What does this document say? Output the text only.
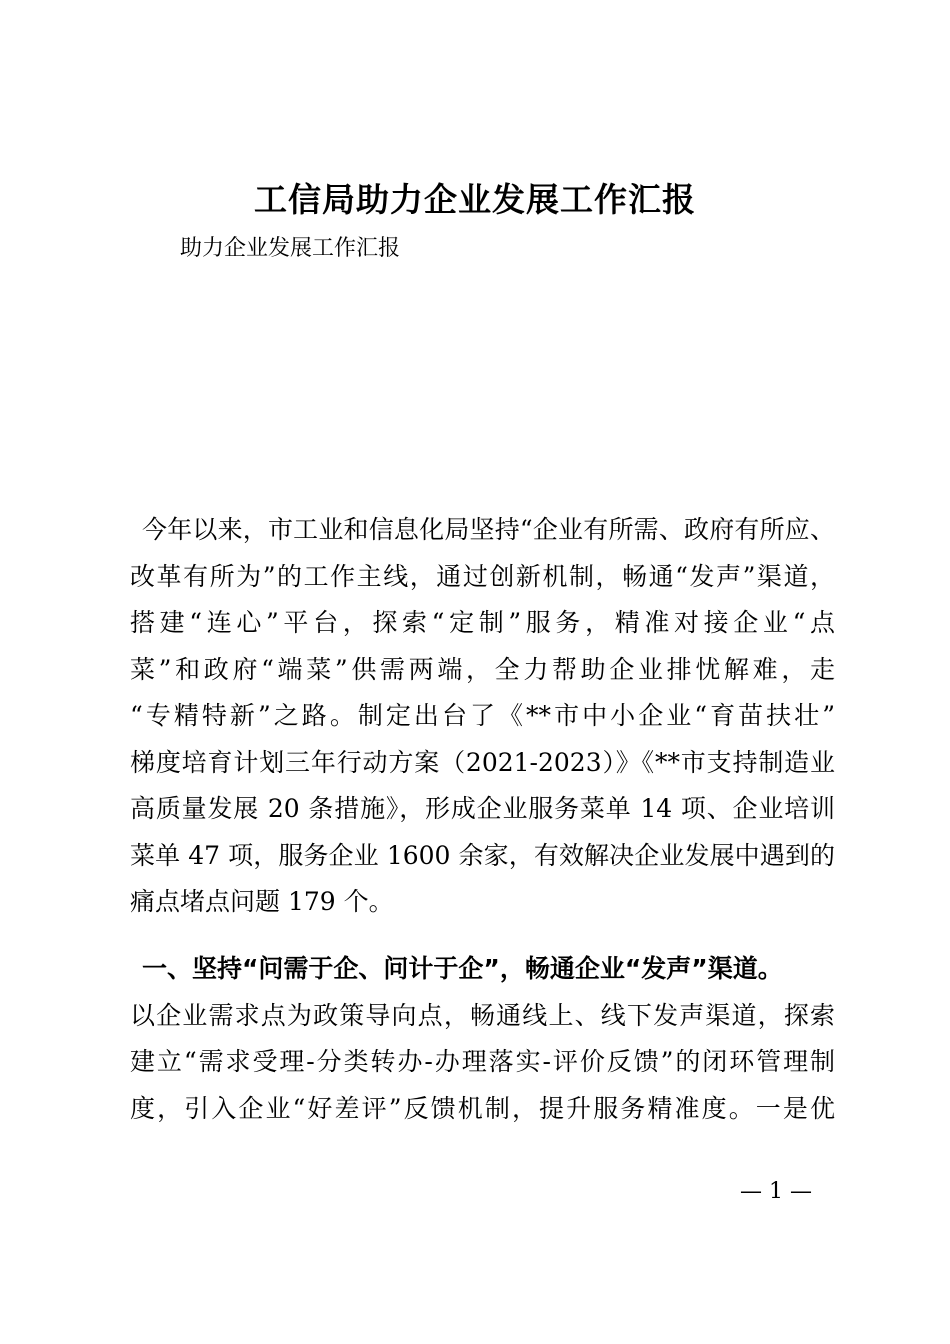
工信局助力企业发展工作汇报

助力企业发展工作汇报

今年以来，市工业和信息化局坚持“企业有所需、政府有所应、
改革有所为”的工作主线，通过创新机制，畅通“发声”渠道，
搭建“连心”平台，探索“定制”服务，精准对接企业“点
菜”和政府“端菜”供需两端，全力帮助企业排忧解难，走
“专精特新”之路。制定出台了《**市中小企业“育苗扶壮”
梯度培育计划三年行动方案（2021-2023）》《**市支持制造业
高质量发展 20 条措施》，形成企业服务菜单 14 项、企业培训
菜单 47 项，服务企业 1600 余家，有效解决企业发展中遇到的
痛点堵点问题 179 个。
一、坚持“问需于企、问计于企”，畅通企业“发声”渠道。
以企业需求点为政策导向点，畅通线上、线下发声渠道，探索
建立“需求受理-分类转办-办理落实-评价反馈”的闭环管理制
度，引入企业“好差评”反馈机制，提升服务精准度。一是优
— 1 —
